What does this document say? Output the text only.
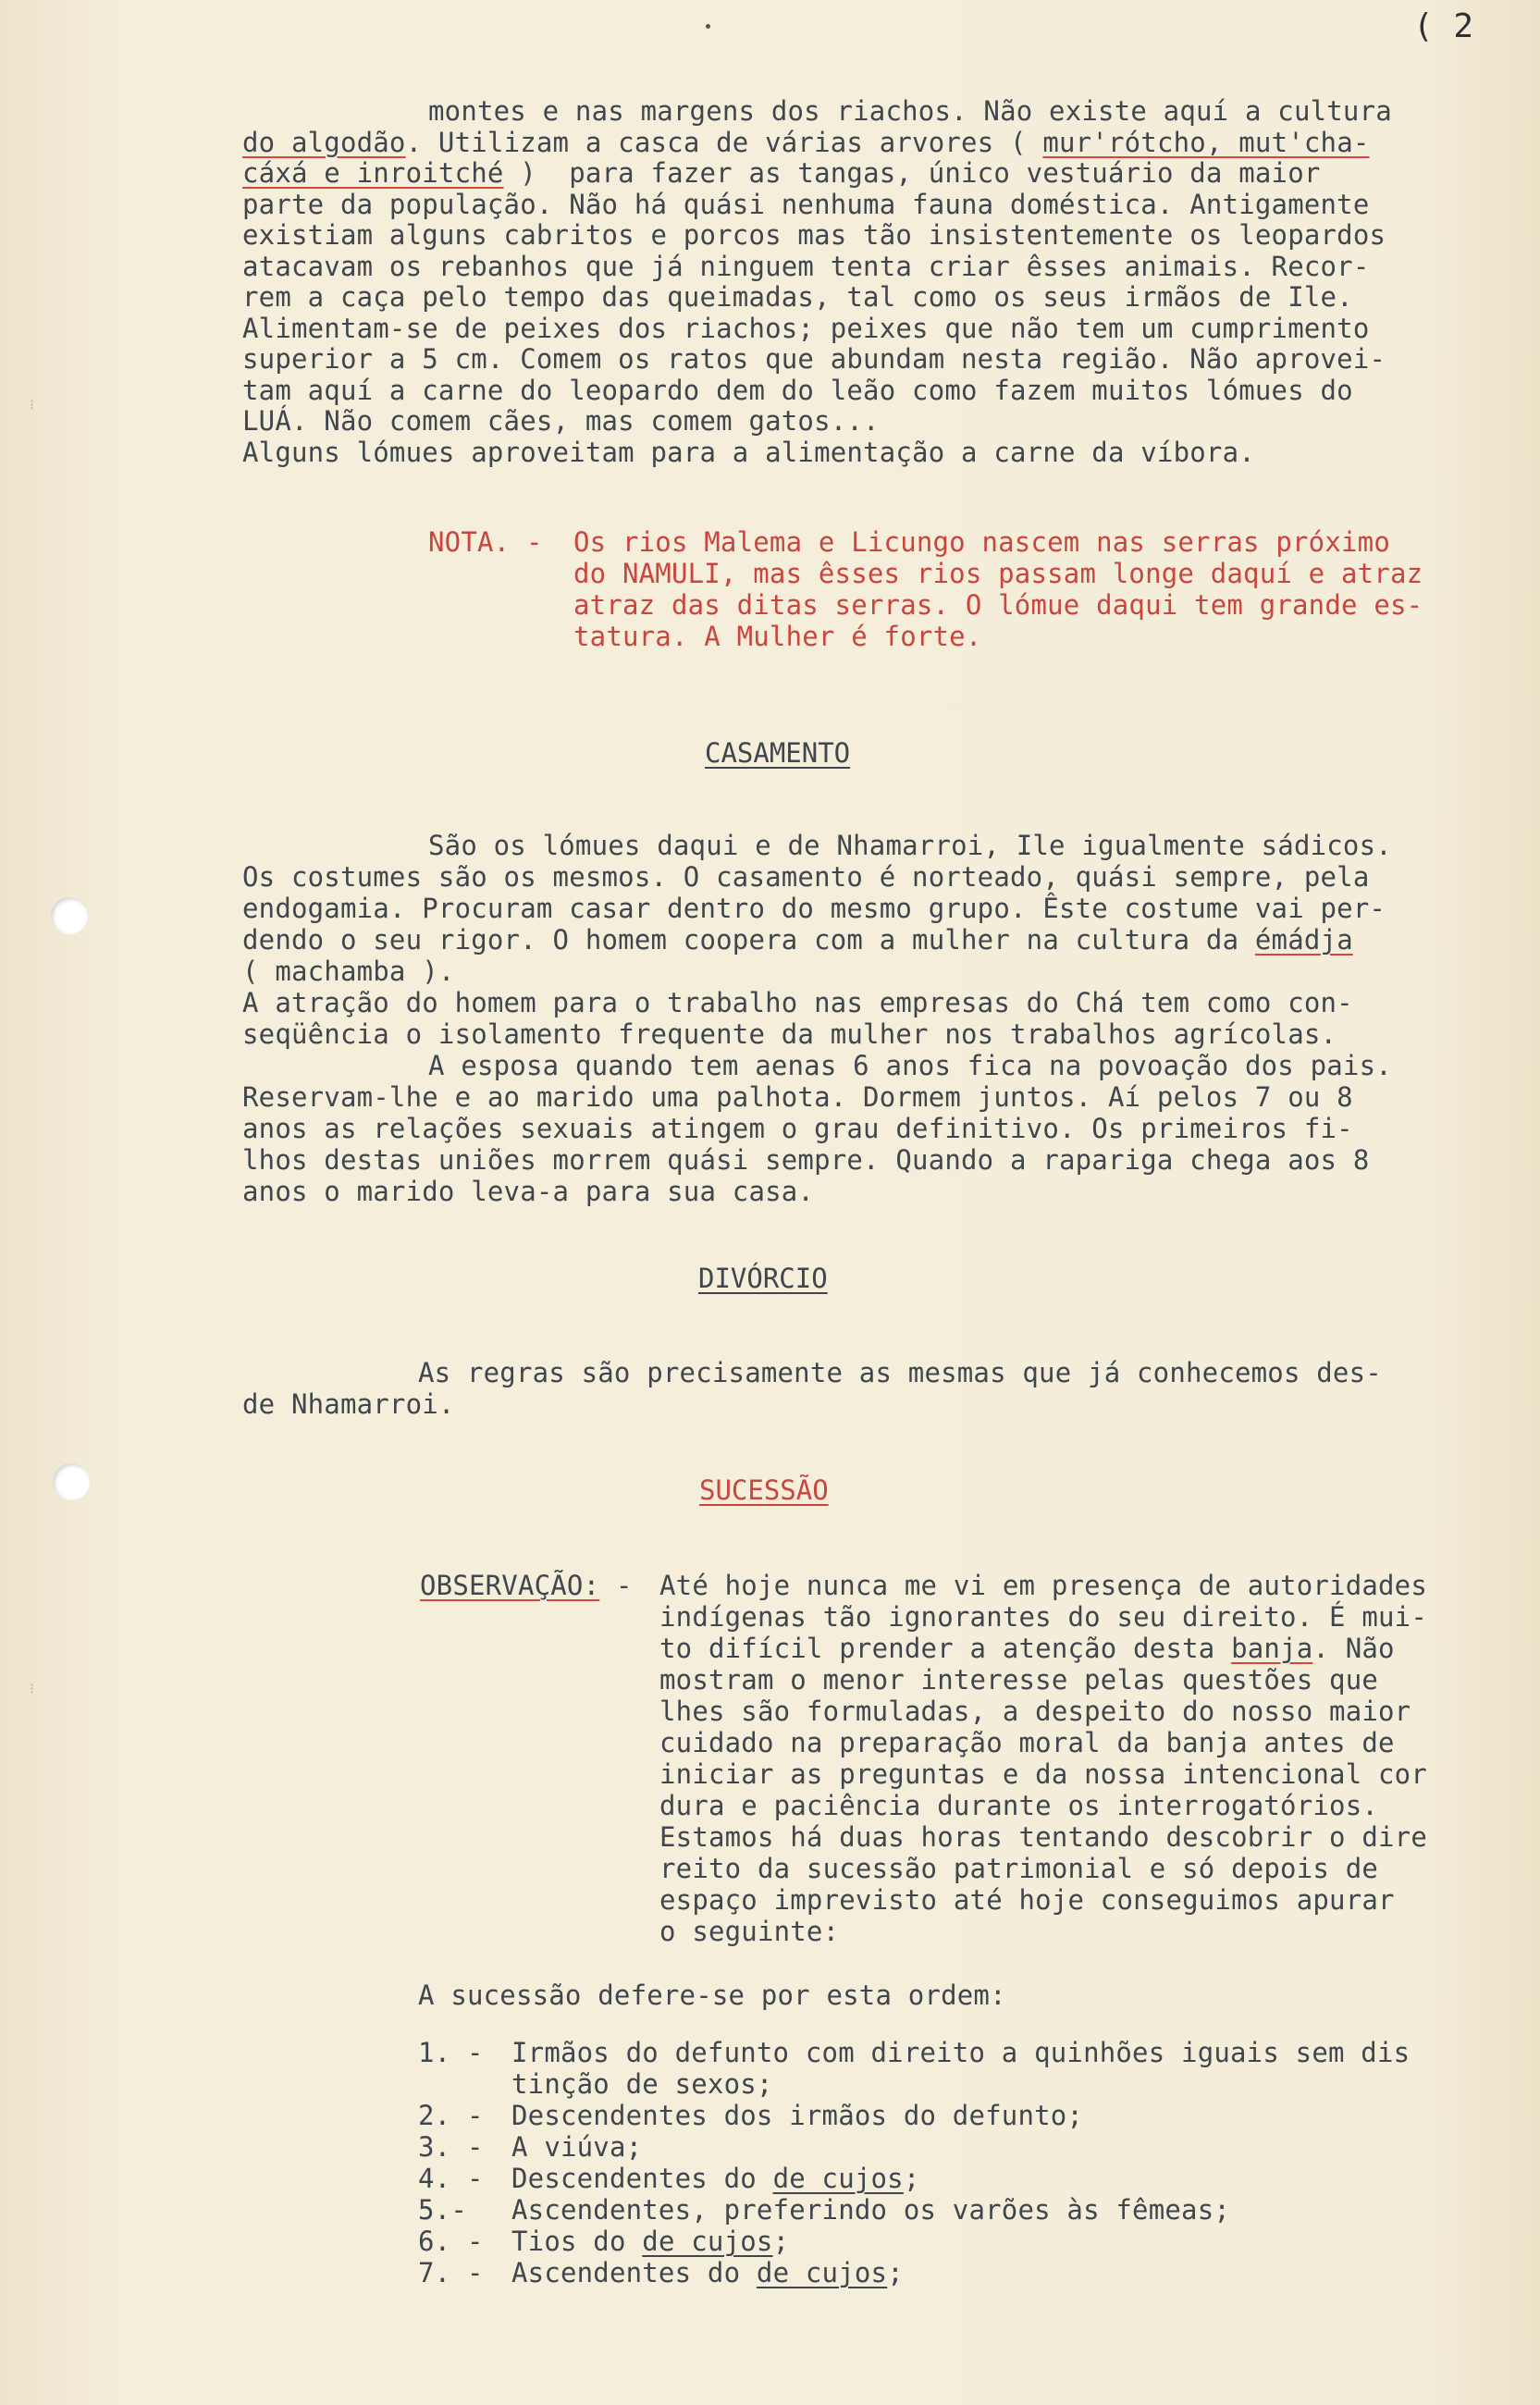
( 2
⁝
⁝
montes e nas margens dos riachos. Não existe aquí a cultura
do algodão. Utilizam a casca de várias arvores ( mur'rótcho, mut'cha-
cáxá e inroitché )  para fazer as tangas, único vestuário da maior
parte da população. Não há quási nenhuma fauna doméstica. Antigamente
existiam alguns cabritos e porcos mas tão insistentemente os leopardos
atacavam os rebanhos que já ninguem tenta criar êsses animais. Recor-
rem a caça pelo tempo das queimadas, tal como os seus irmãos de Ile.
Alimentam-se de peixes dos riachos; peixes que não tem um cumprimento
superior a 5 cm. Comem os ratos que abundam nesta região. Não aprovei-
tam aquí a carne do leopardo dem do leão como fazem muitos lómues do
LUÁ. Não comem cães, mas comem gatos...
Alguns lómues aproveitam para a alimentação a carne da víbora.
NOTA. - Os rios Malema e Licungo nascem nas serras próximo
do NAMULI, mas êsses rios passam longe daquí e atraz
atraz das ditas serras. O lómue daqui tem grande es-
tatura. A Mulher é forte.
CASAMENTO
São os lómues daqui e de Nhamarroi, Ile igualmente sádicos.
Os costumes são os mesmos. O casamento é norteado, quási sempre, pela
endogamia. Procuram casar dentro do mesmo grupo. Êste costume vai per-
dendo o seu rigor. O homem coopera com a mulher na cultura da émádja
( machamba ).
A atração do homem para o trabalho nas empresas do Chá tem como con-
seqüência o isolamento frequente da mulher nos trabalhos agrícolas.
A esposa quando tem aenas 6 anos fica na povoação dos pais.
Reservam-lhe e ao marido uma palhota. Dormem juntos. Aí pelos 7 ou 8
anos as relações sexuais atingem o grau definitivo. Os primeiros fi-
lhos destas uniões morrem quási sempre. Quando a rapariga chega aos 8
anos o marido leva-a para sua casa.
DIVÓRCIO
As regras são precisamente as mesmas que já conhecemos des-
de Nhamarroi.
SUCESSÃO
OBSERVAÇÃO: - Até hoje nunca me vi em presença de autoridades
indígenas tão ignorantes do seu direito. É mui-
to difícil prender a atenção desta banja. Não
mostram o menor interesse pelas questões que
lhes são formuladas, a despeito do nosso maior
cuidado na preparação moral da banja antes de
iniciar as preguntas e da nossa intencional cor
dura e paciência durante os interrogatórios.
Estamos há duas horas tentando descobrir o dire
reito da sucessão patrimonial e só depois de
espaço imprevisto até hoje conseguimos apurar
o seguinte:
A sucessão defere-se por esta ordem:
1. - Irmãos do defunto com direito a quinhões iguais sem dis
tinção de sexos;
2. - Descendentes dos irmãos do defunto;
3. - A viúva;
4. - Descendentes do de cujos;
5.- Ascendentes, preferindo os varões às fêmeas;
6. - Tios do de cujos;
7. - Ascendentes do de cujos;
